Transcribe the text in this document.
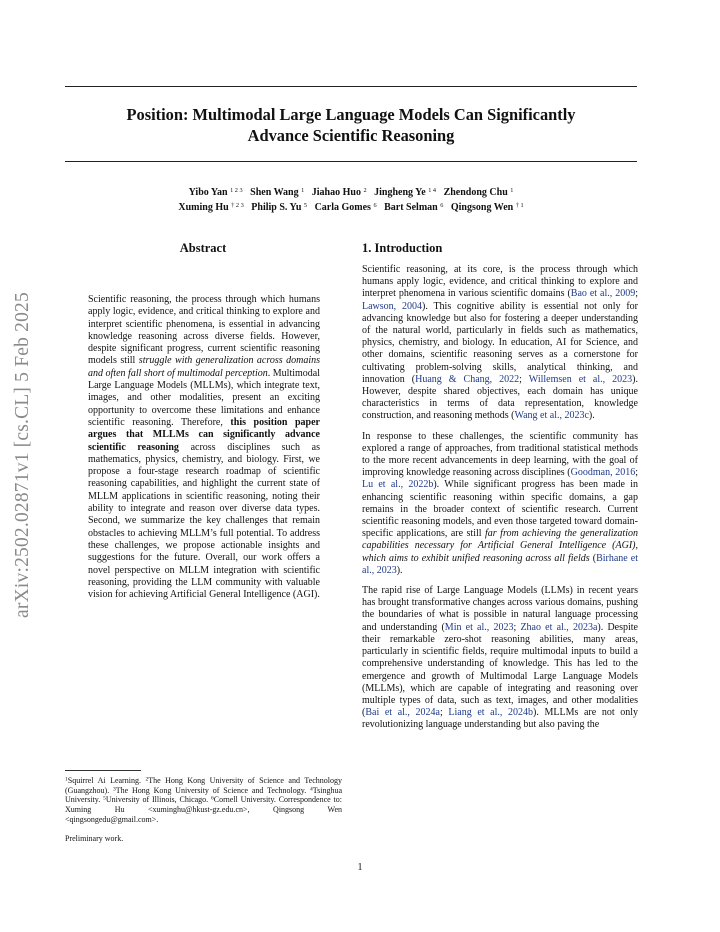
Position: Multimodal Large Language Models Can Significantly
Advance Scientific Reasoning
Yibo Yan $^{1 2 3}$ Shen Wang $^1$ Jiahao Huo $^2$ Jingheng Ye $^{1 4}$ Zhendong Chu $^1$
Xuming Hu $^{\dagger 2 3}$ Philip S. Yu $^5$ Carla Gomes $^6$ Bart Selman $^6$ Qingsong Wen $^{\dagger 1}$
arXiv:2502.02871v1 [cs.CL] 5 Feb 2025
Abstract

Scientific reasoning, the process through which humans apply logic, evidence, and critical thinking to explore and interpret scientific phenomena, is essential in advancing knowledge reasoning across diverse fields. However, despite significant progress, current scientific reasoning models still struggle with generalization across domains and often fall short of multimodal perception. Multimodal Large Language Models (MLLMs), which integrate text, images, and other modalities, present an exciting opportunity to overcome these limitations and enhance scientific reasoning. Therefore, this position paper argues that MLLMs can significantly advance scientific reasoning across disciplines such as mathematics, physics, chemistry, and biology. First, we propose a four-stage research roadmap of scientific reasoning capabilities, and highlight the current state of MLLM applications in scientific reasoning, noting their ability to integrate and reason over diverse data types. Second, we summarize the key challenges that remain obstacles to achieving MLLM’s full potential. To address these challenges, we propose actionable insights and suggestions for the future. Overall, our work offers a novel perspective on MLLM integration with scientific reasoning, providing the LLM community with valuable vision for achieving Artificial General Intelligence (AGI).

1. Introduction

Scientific reasoning, at its core, is the process through which humans apply logic, evidence, and critical thinking to explore and interpret phenomena in various scientific domains (Bao et al., 2009; Lawson, 2004). This cognitive ability is essential not only for advancing knowledge but also for fostering a deeper understanding of the natural world, particularly in fields such as mathematics, physics, chemistry, and biology. In education, AI for Science, and other domains, scientific reasoning serves as a cornerstone for cultivating problem-solving skills, analytical thinking, and innovation (Huang & Chang, 2022; Willemsen et al., 2023). However, despite shared objectives, each domain has unique characteristics in terms of data representation, knowledge construction, and reasoning methods (Wang et al., 2023c).

In response to these challenges, the scientific community has explored a range of approaches, from traditional statistical methods to the more recent advancements in deep learning, with the goal of improving knowledge reasoning across disciplines (Goodman, 2016; Lu et al., 2022b). While significant progress has been made in enhancing scientific reasoning within specific domains, a gap remains in the broader context of scientific research. Current scientific reasoning models, and even those targeted toward domain-specific applications, are still far from achieving the generalization capabilities necessary for Artificial General Intelligence (AGI), which aims to exhibit unified reasoning across all fields (Birhane et al., 2023).

The rapid rise of Large Language Models (LLMs) in recent years has brought transformative changes across various domains, pushing the boundaries of what is possible in natural language processing and understanding (Min et al., 2023; Zhao et al., 2023a). Despite their remarkable zero-shot reasoning abilities, many areas, particularly in scientific fields, require multimodal inputs to build a comprehensive understanding of knowledge. This has led to the emergence and growth of Multimodal Large Language Models (MLLMs), which are capable of integrating and reasoning over multiple types of data, such as text, images, and other modalities (Bai et al., 2024a; Liang et al., 2024b). MLLMs are not only revolutionizing language understanding but also paving the

$^1$Squirrel Ai Learning. $^2$The Hong Kong University of Science and Technology (Guangzhou). $^3$The Hong Kong University of Science and Technology. $^4$Tsinghua University. $^5$University of Illinois, Chicago. $^6$Cornell University. Correspondence to: Xuming Hu <xuminghu@hkust-gz.edu.cn>, Qingsong Wen <qingsongedu@gmail.com>.

Preliminary work.

1
